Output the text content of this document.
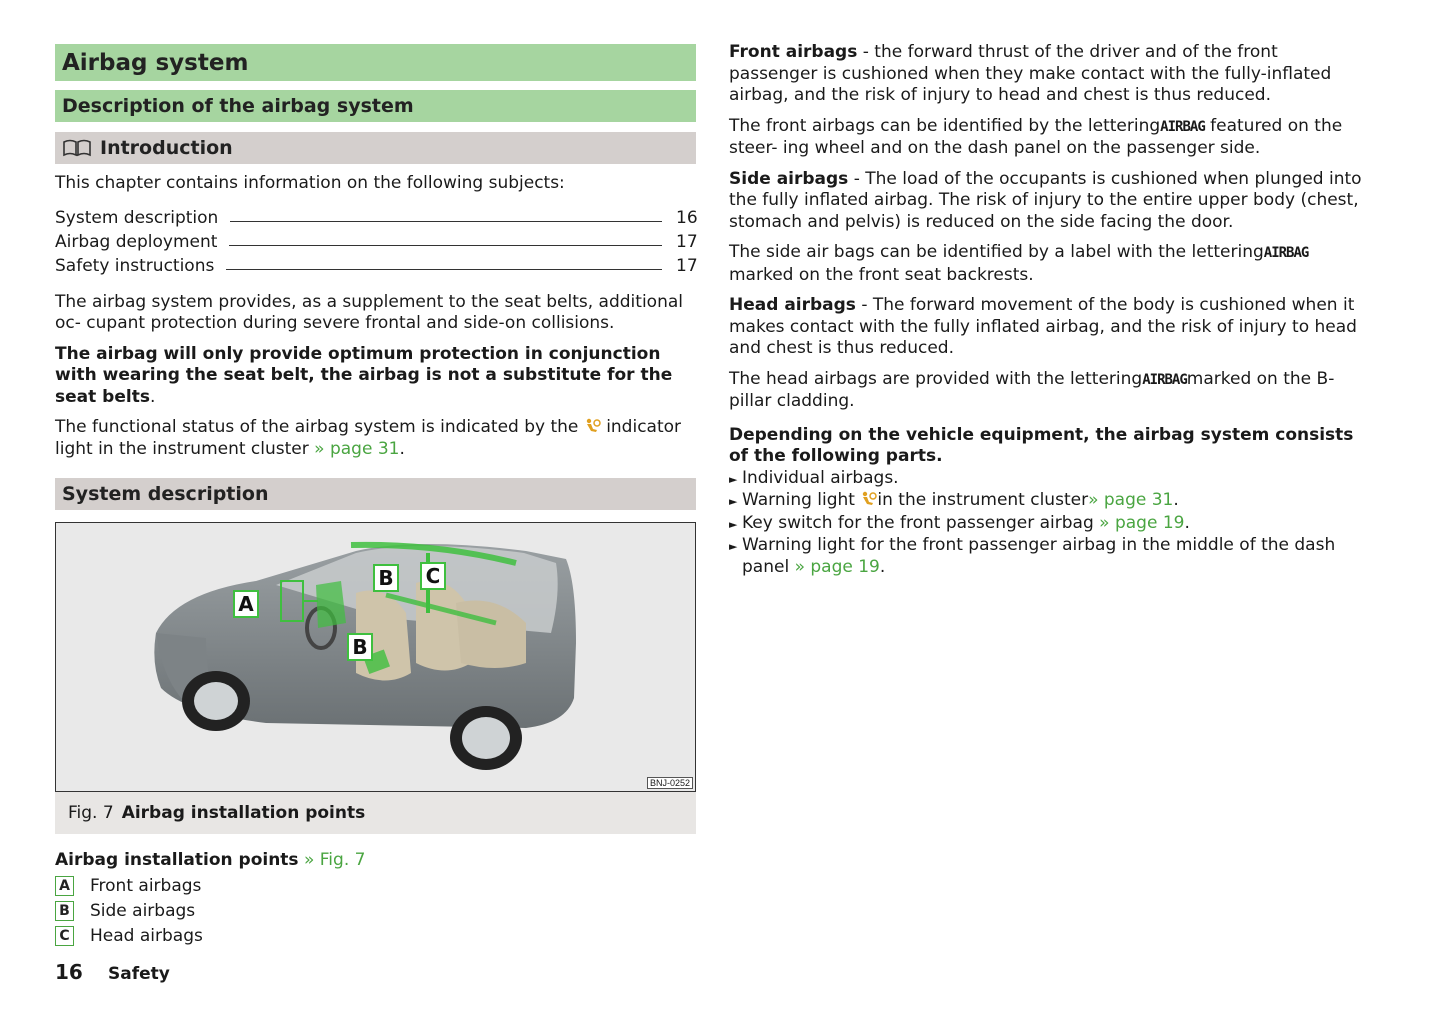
Airbag system
Description of the airbag system
Introduction

This chapter contains information on the following subjects:

System description	16
Airbag deployment	17
Safety instructions	17

The airbag system provides, as a supplement to the seat belts, additional oc- cupant protection during severe frontal and side-on collisions.

The airbag will only provide optimum protection in conjunction with wearing the seat belt, the airbag is not a substitute for the seat belts.

The functional status of the airbag system is indicated by the indicator light in the instrument cluster » page 31.

System description
A
B C
B
BNJ-0252
Fig. 7 Airbag installation points
Airbag installation points » Fig. 7
A Front airbags
B Side airbags
C Head airbags

Front airbags - the forward thrust of the driver and of the front passenger is cushioned when they make contact with the fully-inflated airbag, and the risk of injury to head and chest is thus reduced.

The front airbags can be identified by the letteringAIRBAG featured on the steer- ing wheel and on the dash panel on the passenger side.

Side airbags - The load of the occupants is cushioned when plunged into the fully inflated airbag. The risk of injury to the entire upper body (chest, stomach and pelvis) is reduced on the side facing the door.

The side air bags can be identified by a label with the letteringAIRBAG marked on the front seat backrests.

Head airbags - The forward movement of the body is cushioned when it makes contact with the fully inflated airbag, and the risk of injury to head and chest is thus reduced.

The head airbags are provided with the letteringAIRBAGmarked on the B-pillar cladding.

Depending on the vehicle equipment, the airbag system consists of the following parts.

► Individual airbags.
► Warning light in the instrument cluster» page 31.
► Key switch for the front passenger airbag » page 19.
► Warning light for the front passenger airbag in the middle of the dash panel » page 19.
16	Safety
